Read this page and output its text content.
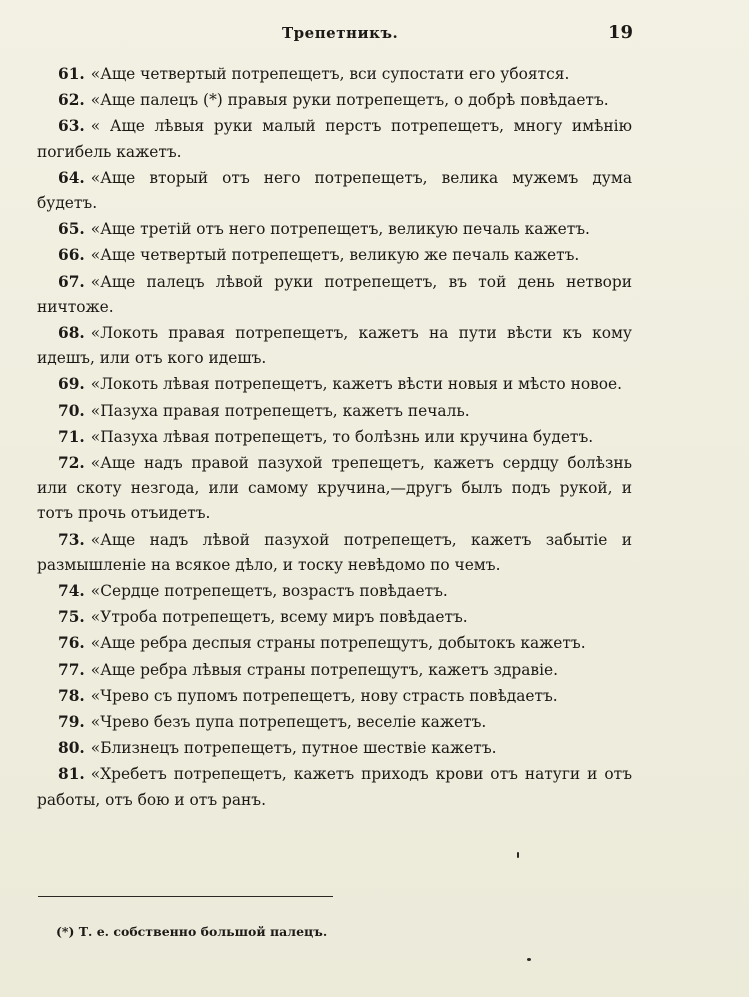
Трепетникъ.	19

61. «Аще четвертый потрепещетъ, вси супостати его убоятся.

62. «Аще палецъ (*) правыя руки потрепещетъ, о добрѣ повѣдаетъ.

63. « Аще лѣвыя руки малый перстъ потрепещетъ, многу имѣнію погибель кажетъ.

64. «Аще вторый отъ него потрепещетъ, велика мужемъ дума будетъ.

65. «Аще третій отъ него потрепещетъ, великую печаль кажетъ.

66. «Аще четвертый потрепещетъ, великую же печаль кажетъ.

67. «Аще палецъ лѣвой руки потрепещетъ, въ той день нетвори ничтоже.

68. «Локоть правая потрепещетъ, кажетъ на пути вѣсти къ кому идешъ, или отъ кого идешъ.

69. «Локоть лѣвая потрепещетъ, кажетъ вѣсти новыя и мѣсто новое.

70. «Пазуха правая потрепещетъ, кажетъ печаль.

71. «Пазуха лѣвая потрепещетъ, то болѣзнь или кручина будетъ.

72. «Аще надъ правой пазухой трепещетъ, кажетъ сердцу болѣзнь или скоту незгода, или самому кручина,—другъ былъ подъ рукой, и тотъ прочь отъидетъ.

73. «Аще надъ лѣвой пазухой потрепещетъ, кажетъ забытіе и размышленіе на всякое дѣло, и тоску невѣдомо по чемъ.

74. «Сердце потрепещетъ, возрастъ повѣдаетъ.

75. «Утроба потрепещетъ, всему миръ повѣдаетъ.

76. «Аще ребра деспыя страны потрепещутъ, добытокъ кажетъ.

77. «Аще ребра лѣвыя страны потрепещутъ, кажетъ здравіе.

78. «Чрево съ пупомъ потрепещетъ, нову страсть повѣдаетъ.

79. «Чрево безъ пупа потрепещетъ, веселіе кажетъ.

80. «Близнецъ потрепещетъ, путное шествіе кажетъ.

81. «Хребетъ потрепещетъ, кажетъ приходъ крови отъ натуги и отъ работы, отъ бою и отъ ранъ.

(*) Т. е. собственно большой палецъ.
